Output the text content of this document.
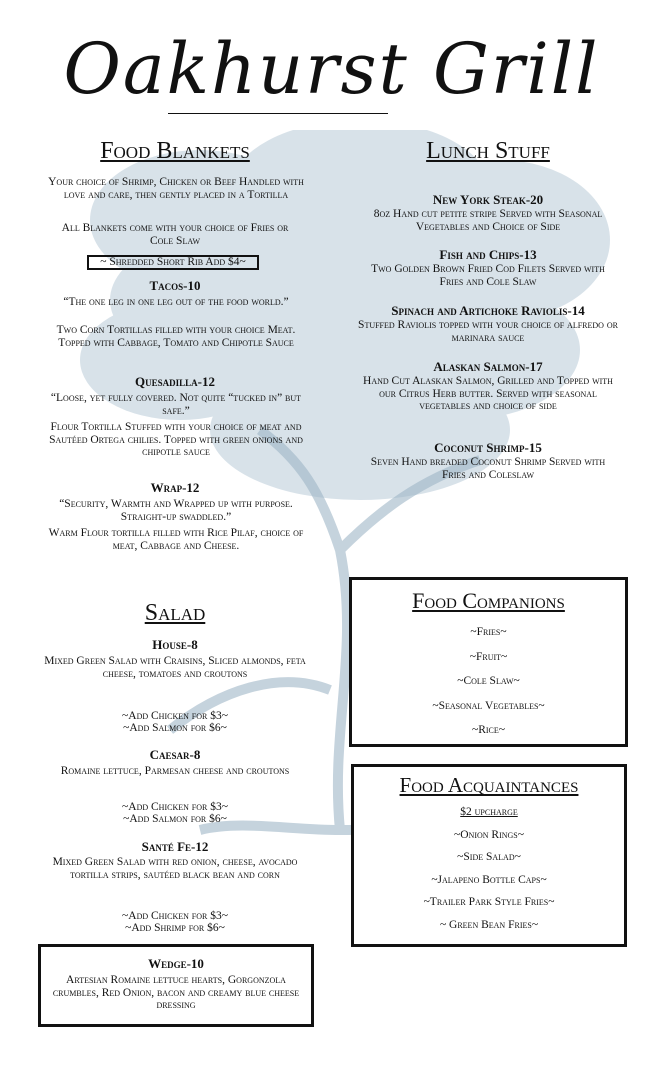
Oakhurst Grill
Food Blankets
Your choice of Shrimp, Chicken or Beef Handled with love and care, then gently placed in a Tortilla
All Blankets come with your choice of Fries or Cole Slaw
~ Shredded Short Rib Add $4~
Tacos-10
“The one leg in one leg out of the food world.”
Two Corn Tortillas filled with your choice Meat. Topped with Cabbage, Tomato and Chipotle Sauce
Quesadilla-12
“Loose, yet fully covered. Not quite “tucked in” but safe.”
Flour Tortilla Stuffed with your choice of meat and Sautéed Ortega chilies. Topped with green onions and chipotle sauce
Wrap-12
“Security, Warmth and Wrapped up with purpose. Straight-up swaddled.”
Warm Flour tortilla filled with Rice Pilaf, choice of meat, Cabbage and Cheese.
Lunch Stuff
New York Steak-20
8oz Hand cut petite stripe Served with Seasonal Vegetables and Choice of Side
Fish and Chips-13
Two Golden Brown Fried Cod Filets Served with Fries and Cole Slaw
Spinach and Artichoke Raviolis-14
Stuffed Raviolis topped with your choice of alfredo or marinara sauce
Alaskan Salmon-17
Hand Cut Alaskan Salmon, Grilled and Topped with our Citrus Herb butter. Served with seasonal vegetables and choice of side
Coconut Shrimp-15
Seven Hand breaded Coconut Shrimp Served with Fries and Coleslaw
Salad
House-8
Mixed Green Salad with Craisins, Sliced almonds, feta cheese, tomatoes and croutons
~Add Chicken for $3~
~Add Salmon for $6~
Caesar-8
Romaine lettuce, Parmesan cheese and croutons
~Add Chicken for $3~
~Add Salmon for $6~
Santé Fe-12
Mixed Green Salad with red onion, cheese, avocado tortilla strips, sautéed black bean and corn
~Add Chicken for $3~
~Add Shrimp for $6~
Wedge-10
Artesian Romaine lettuce hearts, Gorgonzola crumbles, Red Onion, bacon and creamy blue cheese dressing
Food Companions
~Fries~
~Fruit~
~Cole Slaw~
~Seasonal Vegetables~
~Rice~
Food Acquaintances
$2 upcharge
~Onion Rings~
~Side Salad~
~Jalapeno Bottle Caps~
~Trailer Park Style Fries~
~ Green Bean Fries~
